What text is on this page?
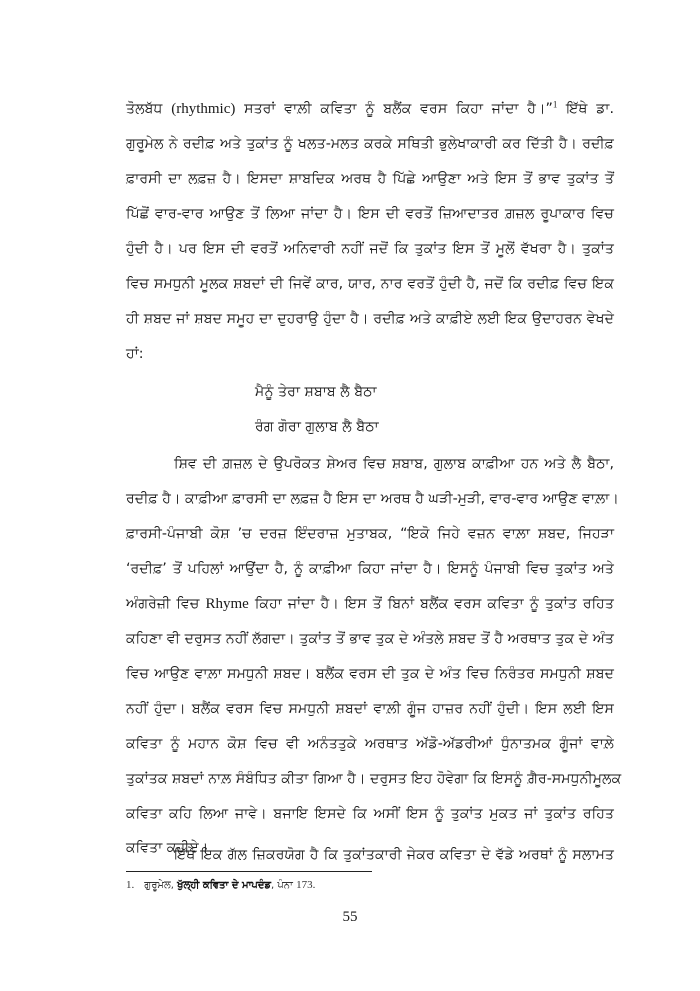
ਤੋਲਬੱਧ (rhythmic) ਸਤਰਾਂ ਵਾਲ਼ੀ ਕਵਿਤਾ ਨੂੰ ਬਲੈਂਕ ਵਰਸ ਕਿਹਾ ਜਾਂਦਾ ਹੈ।”$^1$ ਇੱਥੇ ਡਾ.
ਗੁਰੂਮੇਲ ਨੇ ਰਦੀਫ਼ ਅਤੇ ਤੁਕਾਂਤ ਨੂੰ ਖਲਤ-ਮਲਤ ਕਰਕੇ ਸਥਿਤੀ ਭੁਲੇਖਾਕਾਰੀ ਕਰ ਦਿੱਤੀ ਹੈ। ਰਦੀਫ਼
ਫ਼ਾਰਸੀ ਦਾ ਲਫ਼ਜ਼ ਹੈ। ਇਸਦਾ ਸ਼ਾਬਦਿਕ ਅਰਥ ਹੈ ਪਿੱਛੇ ਆਉਣਾ ਅਤੇ ਇਸ ਤੋਂ ਭਾਵ ਤੁਕਾਂਤ ਤੋਂ
ਪਿੱਛੋਂ ਵਾਰ-ਵਾਰ ਆਉਣ ਤੋਂ ਲਿਆ ਜਾਂਦਾ ਹੈ। ਇਸ ਦੀ ਵਰਤੋਂ ਜ਼ਿਆਦਾਤਰ ਗ਼ਜ਼ਲ ਰੂਪਾਕਾਰ ਵਿਚ
ਹੁੰਦੀ ਹੈ। ਪਰ ਇਸ ਦੀ ਵਰਤੋਂ ਅਨਿਵਾਰੀ ਨਹੀਂ ਜਦੋਂ ਕਿ ਤੁਕਾਂਤ ਇਸ ਤੋਂ ਮੂਲੋਂ ਵੱਖਰਾ ਹੈ। ਤੁਕਾਂਤ
ਵਿਚ ਸਮਧੁਨੀ ਮੂਲਕ ਸ਼ਬਦਾਂ ਦੀ ਜਿਵੇਂ ਕਾਰ, ਯਾਰ, ਨਾਰ ਵਰਤੋਂ ਹੁੰਦੀ ਹੈ, ਜਦੋਂ ਕਿ ਰਦੀਫ਼ ਵਿਚ ਇਕ
ਹੀ ਸ਼ਬਦ ਜਾਂ ਸ਼ਬਦ ਸਮੂਹ ਦਾ ਦੁਹਰਾਉ ਹੁੰਦਾ ਹੈ। ਰਦੀਫ਼ ਅਤੇ ਕਾਫ਼ੀਏ ਲਈ ਇਕ ਉਦਾਹਰਨ ਵੇਖਦੇ
ਹਾਂ:
ਮੈਨੂੰ ਤੇਰਾ ਸ਼ਬਾਬ ਲੈ ਬੈਠਾ
ਰੰਗ ਗੋਰਾ ਗੁਲਾਬ ਲੈ ਬੈਠਾ
ਸ਼ਿਵ ਦੀ ਗ਼ਜ਼ਲ ਦੇ ਉਪਰੋਕਤ ਸ਼ੇਅਰ ਵਿਚ ਸ਼ਬਾਬ, ਗੁਲਾਬ ਕਾਫ਼ੀਆ ਹਨ ਅਤੇ ਲੈ ਬੈਠਾ,
ਰਦੀਫ਼ ਹੈ। ਕਾਫ਼ੀਆ ਫ਼ਾਰਸੀ ਦਾ ਲਫ਼ਜ਼ ਹੈ ਇਸ ਦਾ ਅਰਥ ਹੈ ਘੜੀ-ਮੁੜੀ, ਵਾਰ-ਵਾਰ ਆਉਣ ਵਾਲ਼ਾ।
ਫ਼ਾਰਸੀ-ਪੰਜਾਬੀ ਕੋਸ਼ ’ਚ ਦਰਜ਼ ਇੰਦਰਾਜ਼ ਮੁਤਾਬਕ, “ਇਕੋ ਜਿਹੇ ਵਜ਼ਨ ਵਾਲ਼ਾ ਸ਼ਬਦ, ਜਿਹੜਾ
‘ਰਦੀਫ਼’ ਤੋਂ ਪਹਿਲਾਂ ਆਉਂਦਾ ਹੈ, ਨੂੰ ਕਾਫ਼ੀਆ ਕਿਹਾ ਜਾਂਦਾ ਹੈ। ਇਸਨੂੰ ਪੰਜਾਬੀ ਵਿਚ ਤੁਕਾਂਤ ਅਤੇ
ਅੰਗਰੇਜ਼ੀ ਵਿਚ Rhyme ਕਿਹਾ ਜਾਂਦਾ ਹੈ। ਇਸ ਤੋਂ ਬਿਨਾਂ ਬਲੈਂਕ ਵਰਸ ਕਵਿਤਾ ਨੂੰ ਤੁਕਾਂਤ ਰਹਿਤ
ਕਹਿਣਾ ਵੀ ਦਰੁਸਤ ਨਹੀਂ ਲੱਗਦਾ। ਤੁਕਾਂਤ ਤੋਂ ਭਾਵ ਤੁਕ ਦੇ ਅੰਤਲੇ ਸ਼ਬਦ ਤੋਂ ਹੈ ਅਰਥਾਤ ਤੁਕ ਦੇ ਅੰਤ
ਵਿਚ ਆਉਣ ਵਾਲ਼ਾ ਸਮਧੁਨੀ ਸ਼ਬਦ। ਬਲੈਂਕ ਵਰਸ ਦੀ ਤੁਕ ਦੇ ਅੰਤ ਵਿਚ ਨਿਰੰਤਰ ਸਮਧੁਨੀ ਸ਼ਬਦ
ਨਹੀਂ ਹੁੰਦਾ। ਬਲੈਂਕ ਵਰਸ ਵਿਚ ਸਮਧੁਨੀ ਸ਼ਬਦਾਂ ਵਾਲ਼ੀ ਗੂੰਜ ਹਾਜ਼ਰ ਨਹੀਂ ਹੁੰਦੀ। ਇਸ ਲਈ ਇਸ
ਕਵਿਤਾ ਨੂੰ ਮਹਾਨ ਕੋਸ਼ ਵਿਚ ਵੀ ਅਨੰਤਤੁਕੇ ਅਰਥਾਤ ਅੱਡੋ-ਅੱਡਰੀਆਂ ਧੁੰਨਾਤਮਕ ਗੂੰਜਾਂ ਵਾਲ਼ੇ
ਤੁਕਾਂਤਕ ਸ਼ਬਦਾਂ ਨਾਲ਼ ਸੰਬੰਧਿਤ ਕੀਤਾ ਗਿਆ ਹੈ। ਦਰੁਸਤ ਇਹ ਹੋਵੇਗਾ ਕਿ ਇਸਨੂੰ ਗ਼ੈਰ-ਸਮਧੁਨੀਮੂਲਕ
ਕਵਿਤਾ ਕਹਿ ਲਿਆ ਜਾਵੇ। ਬਜਾਇ ਇਸਦੇ ਕਿ ਅਸੀਂ ਇਸ ਨੂੰ ਤੁਕਾਂਤ ਮੁਕਤ ਜਾਂ ਤੁਕਾਂਤ ਰਹਿਤ
ਕਵਿਤਾ ਕਹੀਏ।
ਇੱਥੇ ਇਕ ਗੱਲ ਜ਼ਿਕਰਯੋਗ ਹੈ ਕਿ ਤੁਕਾਂਤਕਾਰੀ ਜੇਕਰ ਕਵਿਤਾ ਦੇ ਵੱਡੇ ਅਰਥਾਂ ਨੂੰ ਸਲਾਮਤ
1. ਗੁਰੂਮੇਲ, ਖੁੱਲ੍ਹੀ ਕਵਿਤਾ ਦੇ ਮਾਪਦੰਡ, ਪੰਨਾ 173.
55
